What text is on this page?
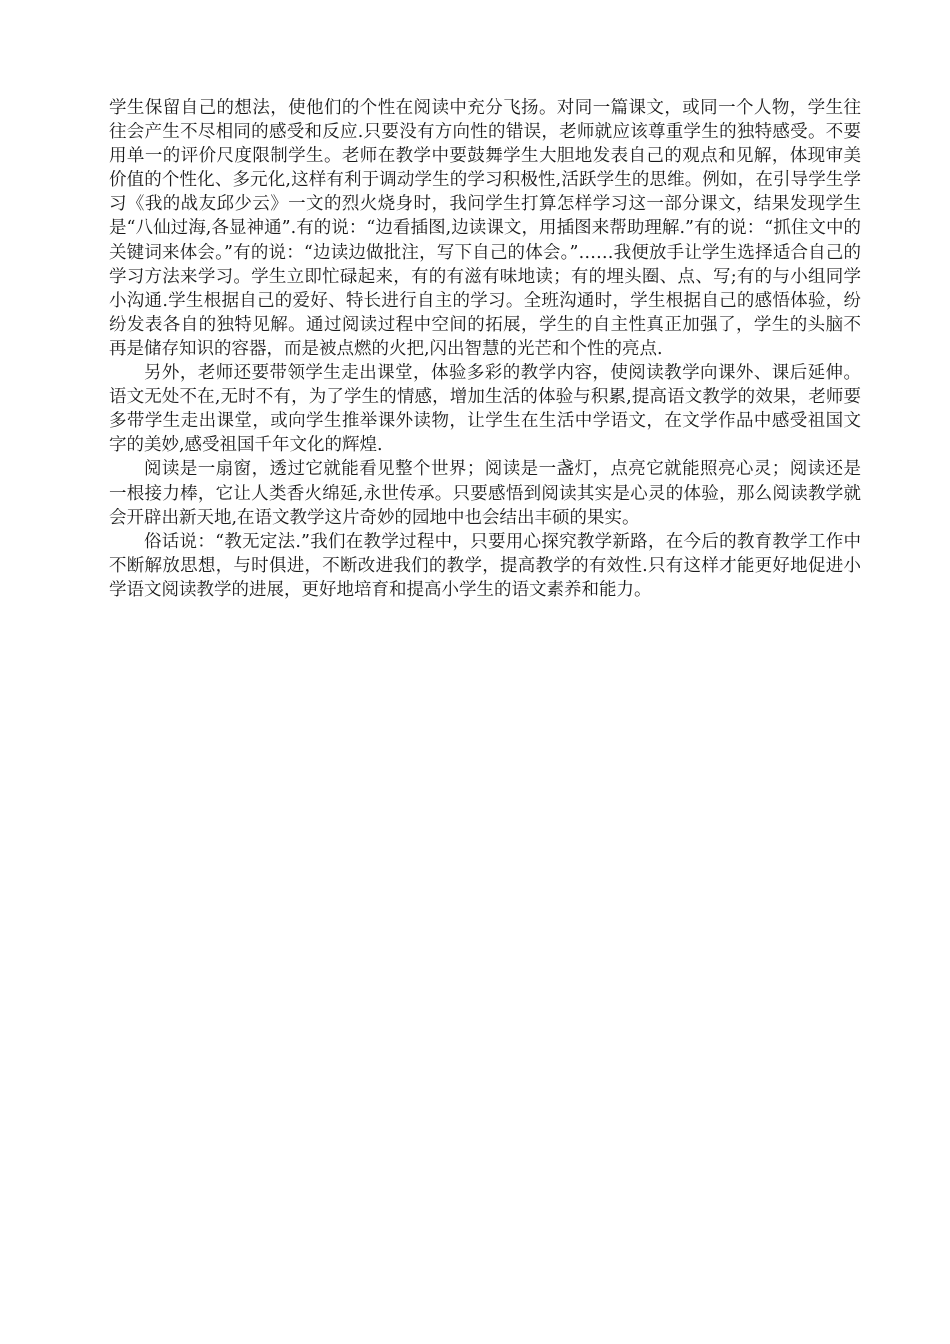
学生保留自己的想法，使他们的个性在阅读中充分飞扬。对同一篇课文，或同一个人物，学生往往会产生不尽相同的感受和反应.只要没有方向性的错误，老师就应该尊重学生的独特感受。不要用单一的评价尺度限制学生。老师在教学中要鼓舞学生大胆地发表自己的观点和见解，体现审美价值的个性化、多元化,这样有利于调动学生的学习积极性,活跃学生的思维。例如，在引导学生学习《我的战友邱少云》一文的烈火烧身时，我问学生打算怎样学习这一部分课文，结果发现学生是“八仙过海,各显神通”.有的说：“边看插图,边读课文，用插图来帮助理解.”有的说：“抓住文中的关键词来体会。”有的说：“边读边做批注，写下自己的体会。”……我便放手让学生选择适合自己的学习方法来学习。学生立即忙碌起来，有的有滋有味地读；有的埋头圈、点、写;有的与小组同学小沟通.学生根据自己的爱好、特长进行自主的学习。全班沟通时，学生根据自己的感悟体验，纷纷发表各自的独特见解。通过阅读过程中空间的拓展，学生的自主性真正加强了，学生的头脑不再是储存知识的容器，而是被点燃的火把,闪出智慧的光芒和个性的亮点.

另外，老师还要带领学生走出课堂，体验多彩的教学内容，使阅读教学向课外、课后延伸。语文无处不在,无时不有，为了学生的情感，增加生活的体验与积累,提高语文教学的效果，老师要多带学生走出课堂，或向学生推举课外读物，让学生在生活中学语文，在文学作品中感受祖国文字的美妙,感受祖国千年文化的辉煌.

阅读是一扇窗，透过它就能看见整个世界；阅读是一盏灯，点亮它就能照亮心灵；阅读还是一根接力棒，它让人类香火绵延,永世传承。只要感悟到阅读其实是心灵的体验，那么阅读教学就会开辟出新天地,在语文教学这片奇妙的园地中也会结出丰硕的果实。

俗话说：“教无定法.”我们在教学过程中，只要用心探究教学新路，在今后的教育教学工作中不断解放思想，与时俱进，不断改进我们的教学，提高教学的有效性.只有这样才能更好地促进小学语文阅读教学的进展，更好地培育和提高小学生的语文素养和能力。
